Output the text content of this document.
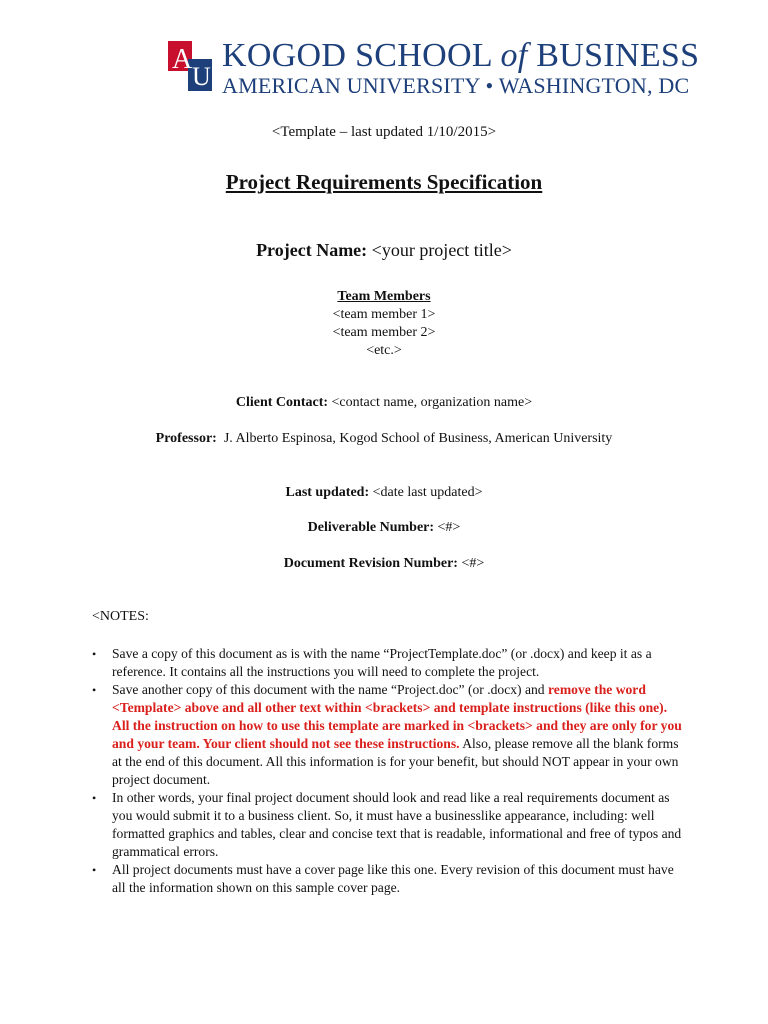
A
U
KOGOD SCHOOL of BUSINESS
AMERICAN UNIVERSITY • WASHINGTON, DC
<Template – last updated 1/10/2015>
Project Requirements Specification
Project Name: <your project title>
Team Members
<team member 1>
<team member 2>
<etc.>
Client Contact: <contact name, organization name>
Professor: J. Alberto Espinosa, Kogod School of Business, American University
Last updated: <date last updated>
Deliverable Number: <#>
Document Revision Number: <#>
<NOTES:
• Save a copy of this document as is with the name “ProjectTemplate.doc” (or .docx) and keep it as a reference. It contains all the instructions you will need to complete the project.
• Save another copy of this document with the name “Project.doc” (or .docx) and remove the word <Template> above and all other text within <brackets> and template instructions (like this one). All the instruction on how to use this template are marked in <brackets> and they are only for you and your team. Your client should not see these instructions. Also, please remove all the blank forms at the end of this document. All this information is for your benefit, but should NOT appear in your own project document.
• In other words, your final project document should look and read like a real requirements document as you would submit it to a business client. So, it must have a businesslike appearance, including: well formatted graphics and tables, clear and concise text that is readable, informational and free of typos and grammatical errors.
• All project documents must have a cover page like this one. Every revision of this document must have all the information shown on this sample cover page.
